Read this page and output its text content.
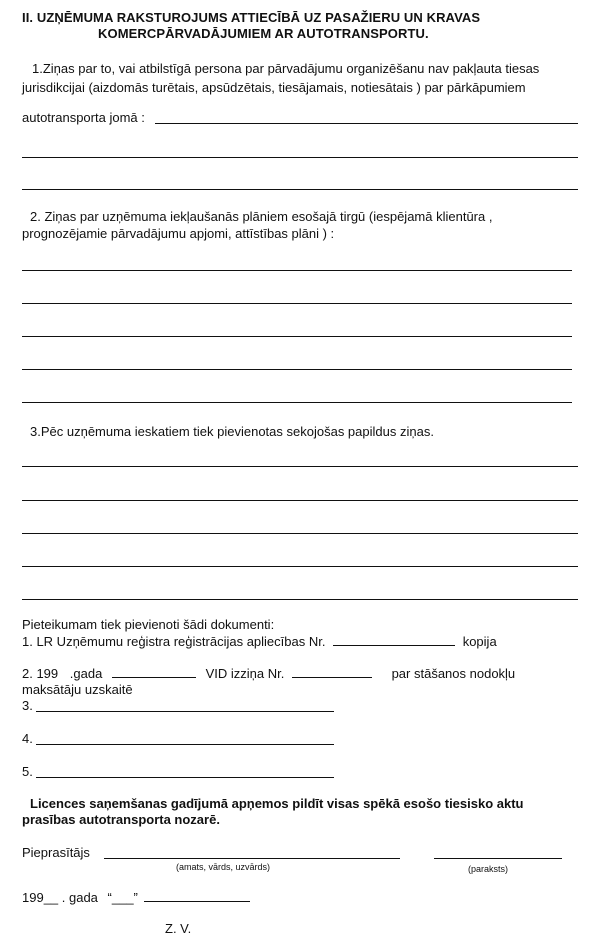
II. UZŅĒMUMA RAKSTUROJUMS ATTIECĪBĀ UZ PASAŽIERU UN KRAVAS
KOMERCPĀRVADĀJUMIEM AR AUTOTRANSPORTU.
1.Ziņas par to, vai atbilstīgā persona par pārvadājumu organizēšanu nav pakļauta tiesas
jurisdikcijai (aizdomās turētais, apsūdzētais, tiesājamais, notiesātais ) par pārkāpumiem
autotransporta jomā :
2. Ziņas par uzņēmuma iekļaušanās plāniem esošajā tirgū (iespējamā klientūra ,
prognozējamie pārvadājumu apjomi, attīstības plāni ) :
3.Pēc uzņēmuma ieskatiem tiek pievienotas sekojošas papildus ziņas.
Pieteikumam tiek pievienoti šādi dokumenti:
1. LR Uzņēmumu reģistra reģistrācijas apliecības Nr.	kopija
2. 199 .gada	VID izziņa Nr.	par stāšanos nodokļu
maksātāju uzskaitē
3.
4.
5.
Licences saņemšanas gadījumā apņemos pildīt visas spēkā esošo tiesisko aktu
prasības autotransporta nozarē.
Pieprasītājs
(amats, vārds, uzvārds)	(paraksts)
199__ . gada “___”
Z. V.
